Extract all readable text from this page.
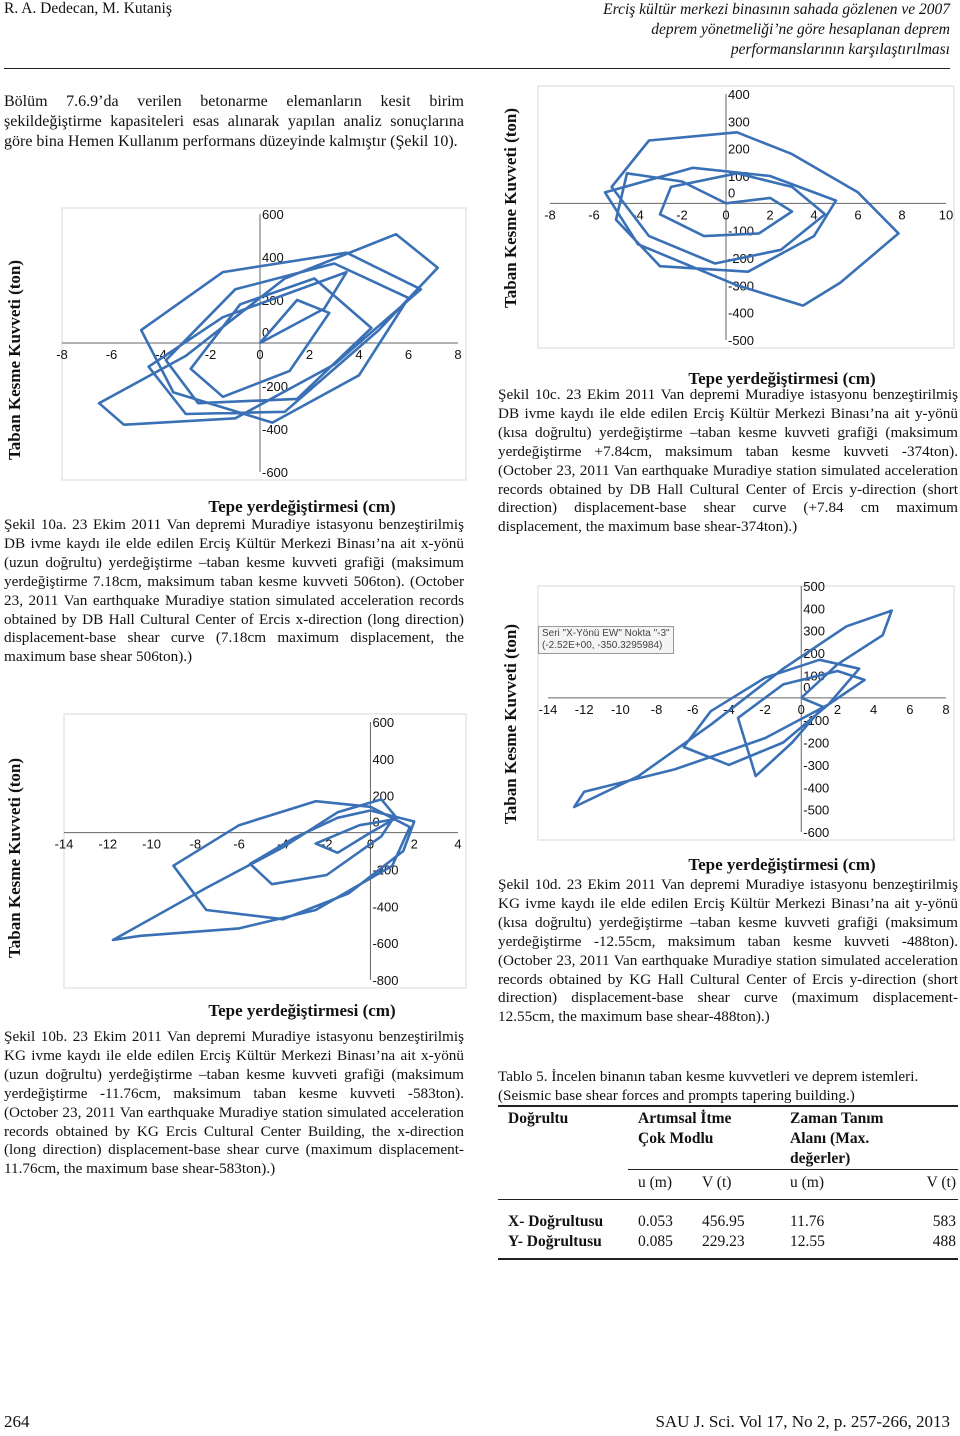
R. A. Dedecan, M. Kutaniş	Erciş kültür merkezi binasının sahada gözlenen ve 2007
deprem yönetmeliği’ne göre hesaplanan deprem
performanslarının karşılaştırılması

Bölüm 7.6.9’da verilen betonarme elemanların kesit birim şekildeğiştirme kapasiteleri esas alınarak yapılan analiz sonuçlarına göre bina Hemen Kullanım performans düzeyinde kalmıştır (Şekil 10).

-8	-6	-4	-2	0	2	4	6	8
600
400
200
0
-200
-400
-600
Taban Kesme Kuvveti (ton)
Tepe yerdeğiştirmesi (cm)

Şekil 10a. 23 Ekim 2011 Van depremi Muradiye istasyonu benzeştirilmiş DB ivme kaydı ile elde edilen Erciş Kültür Merkezi Binası’na ait x-yönü (uzun doğrultu) yerdeğiştirme –taban kesme kuvveti grafiği (maksimum yerdeğiştirme 7.18cm, maksimum taban kesme kuvveti 506ton). (October 23, 2011 Van earthquake Muradiye station simulated acceleration records obtained by DB Hall Cultural Center of Ercis x-direction (long direction) displacement-base shear curve (7.18cm maximum displacement, the maximum base shear 506ton).)

-14 -12 -10 -8 -6 -4 -2	0	2	4
600
400
200
0
-200
-400
-600
-800
Taban Kesme Kuvveti (ton)
Tepe yerdeğiştirmesi (cm)

Şekil 10b. 23 Ekim 2011 Van depremi Muradiye istasyonu benzeştirilmiş KG ivme kaydı ile elde edilen Erciş Kültür Merkezi Binası’na ait x-yönü (uzun doğrultu) yerdeğiştirme –taban kesme kuvveti grafiği (maksimum yerdeğiştirme -11.76cm, maksimum taban kesme kuvveti -583ton). (October 23, 2011 Van earthquake Muradiye station simulated acceleration records obtained by KG Ercis Cultural Center Building, the x-direction (long direction) displacement-base shear curve (maximum displacement-11.76cm, the maximum base shear-583ton).)

-8 -6 -4 -2	0	2	4	6	8	10
400
300
200
100
0
-100
-200
-300
-400
-500
Taban Kesme Kuvveti (ton)
Tepe yerdeğiştirmesi (cm)

Şekil 10c. 23 Ekim 2011 Van depremi Muradiye istasyonu benzeştirilmiş DB ivme kaydı ile elde edilen Erciş Kültür Merkezi Binası’na ait y-yönü (kısa doğrultu) yerdeğiştirme –taban kesme kuvveti grafiği (maksimum yerdeğiştirme +7.84cm, maksimum taban kesme kuvveti -374ton). (October 23, 2011 Van earthquake Muradiye station simulated acceleration records obtained by DB Hall Cultural Center of Ercis y-direction (short direction) displacement-base shear curve (+7.84 cm maximum displacement, the maximum base shear-374ton).)

-14 -12 -10 -8 -6 -4 -2 0 2 4 6 8
500
400
300
200
100
0
-100
-200
-300
-400
-500
-600
Taban Kesme Kuvveti (ton)
Tepe yerdeğiştirmesi (cm)
Seri "X-Yönü EW" Nokta "-3"
(-2.52E+00, -350.3295984)

Şekil 10d. 23 Ekim 2011 Van depremi Muradiye istasyonu benzeştirilmiş KG ivme kaydı ile elde edilen Erciş Kültür Merkezi Binası’na ait y-yönü (kısa doğrultu) yerdeğiştirme –taban kesme kuvveti grafiği (maksimum yerdeğiştirme -12.55cm, maksimum taban kesme kuvveti -488ton). (October 23, 2011 Van earthquake Muradiye station simulated acceleration records obtained by KG Hall Cultural Center of Ercis y-direction (short direction) displacement-base shear curve (maximum displacement-12.55cm, the maximum base shear-488ton).)

Tablo 5. İncelen binanın taban kesme kuvvetleri ve deprem istemleri.
(Seismic base shear forces and prompts tapering building.)
Doğrultu	Artımsal İtme Çok Modlu		Zaman Tanım Alanı (Max. değerler)	
	u (m)	V (t)	u (m)	V (t)
X- Doğrultusu	0.053	456.95	11.76	583
Y- Doğrultusu	0.085	229.23	12.55	488
264	SAU J. Sci. Vol 17, No 2, p. 257-266, 2013
